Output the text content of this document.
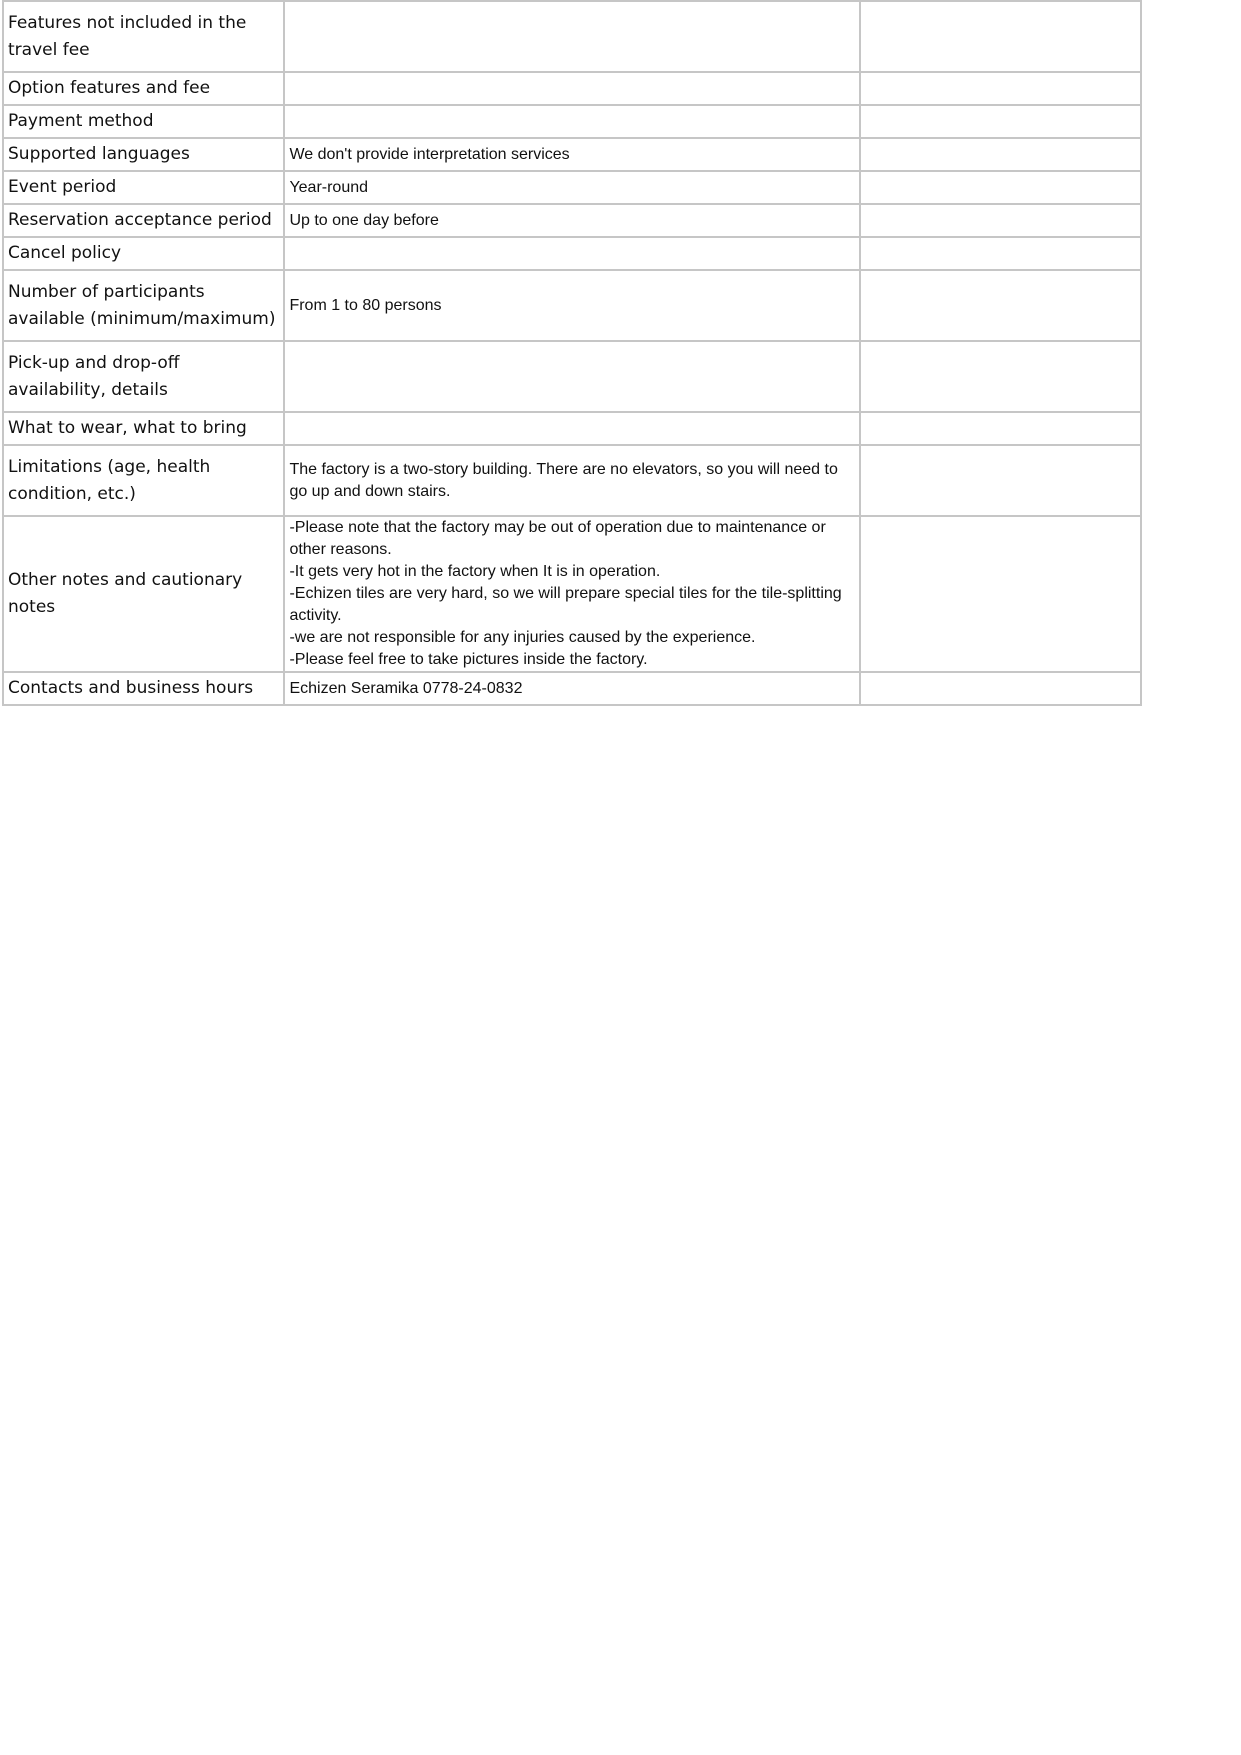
Features not included in the travel fee		
Option features and fee		
Payment method		
Supported languages	We don't provide interpretation services	
Event period	Year-round	
Reservation acceptance period	Up to one day before	
Cancel policy		
Number of participants available (minimum/maximum)	From 1 to 80 persons	
Pick-up and drop-off availability, details		
What to wear, what to bring		
Limitations (age, health condition, etc.)	The factory is a two-story building. There are no elevators, so you will need to go up and down stairs.	
Other notes and cautionary notes	-Please note that the factory may be out of operation due to maintenance or other reasons.
-It gets very hot in the factory when It is in operation.
-Echizen tiles are very hard, so we will prepare special tiles for the tile-splitting activity.
-we are not responsible for any injuries caused by the experience.
-Please feel free to take pictures inside the factory.	

Contacts and business hours	Echizen Seramika 0778-24-0832	
